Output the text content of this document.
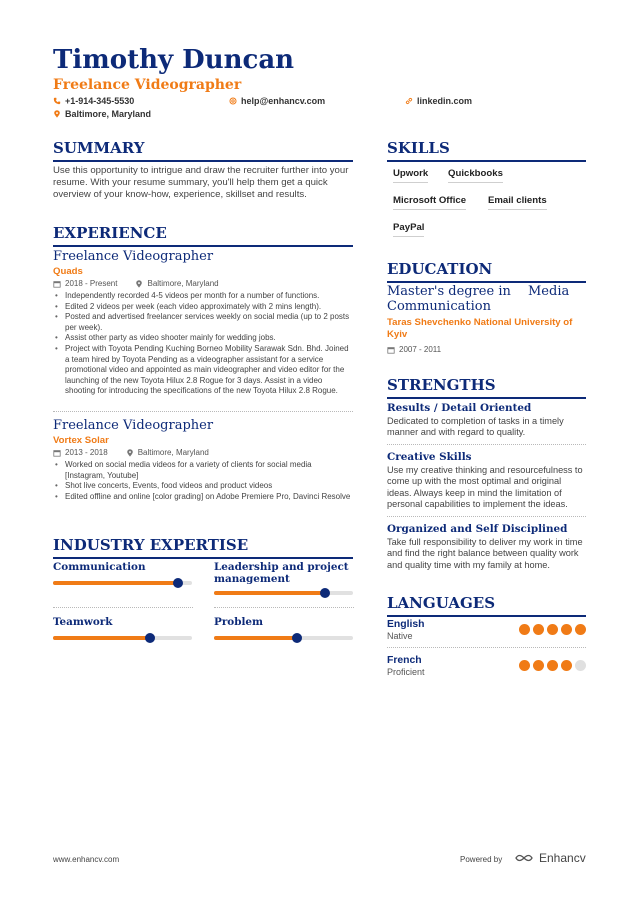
Timothy Duncan
Freelance Videographer
+1-914-345-5530	help@enhancv.com	linkedin.com
Baltimore, Maryland
SUMMARY
Use this opportunity to intrigue and draw the recruiter further into your resume. With your resume summary, you'll help them get a quick overview of your know-how, experience, skillset and results.
EXPERIENCE
Freelance Videographer
Quads
2018 - Present	Baltimore, Maryland
• Independently recorded 4-5 videos per month for a number of functions.
• Edited 2 videos per week (each video approximately with 2 mins length).
• Posted and advertised freelancer services weekly on social media (up to 2 posts per week).
• Assist other party as video shooter mainly for wedding jobs.
• Project with Toyota Pending Kuching Borneo Mobility Sarawak Sdn. Bhd. Joined a team hired by Toyota Pending as a videographer assistant for a service promotional video and appointed as main videographer and video editor for the launching of the new Toyota Hilux 2.8 Rogue for 3 days. Assist in a video shooting for introducing the specifications of the new Toyota Hilux 2.8 Rogue.
Freelance Videographer
Vortex Solar
2013 - 2018	Baltimore, Maryland
• Worked on social media videos for a variety of clients for social media [Instagram, Youtube]
• Shot live concerts, Events, food videos and product videos
• Edited offline and online [color grading] on Adobe Premiere Pro, Davinci Resolve
INDUSTRY EXPERTISE
Communication	Leadership and project management
Teamwork	Problem
SKILLS
Upwork Quickbooks
Microsoft Office Email clients
PayPal
EDUCATION
Master's degree in Media
Communication
Taras Shevchenko National University of Kyiv
2007 - 2011
STRENGTHS
Results / Detail Oriented
Dedicated to completion of tasks in a timely manner and with regard to quality.
Creative Skills
Use my creative thinking and resourcefulness to come up with the most optimal and original ideas. Always keep in mind the limitation of personal capabilities to implement the ideas.
Organized and Self Disciplined
Take full responsibility to deliver my work in time and find the right balance between quality work and quality time with my family at home.
LANGUAGES
English
Native
French
Proficient
www.enhancv.com	Powered by	Enhancv
